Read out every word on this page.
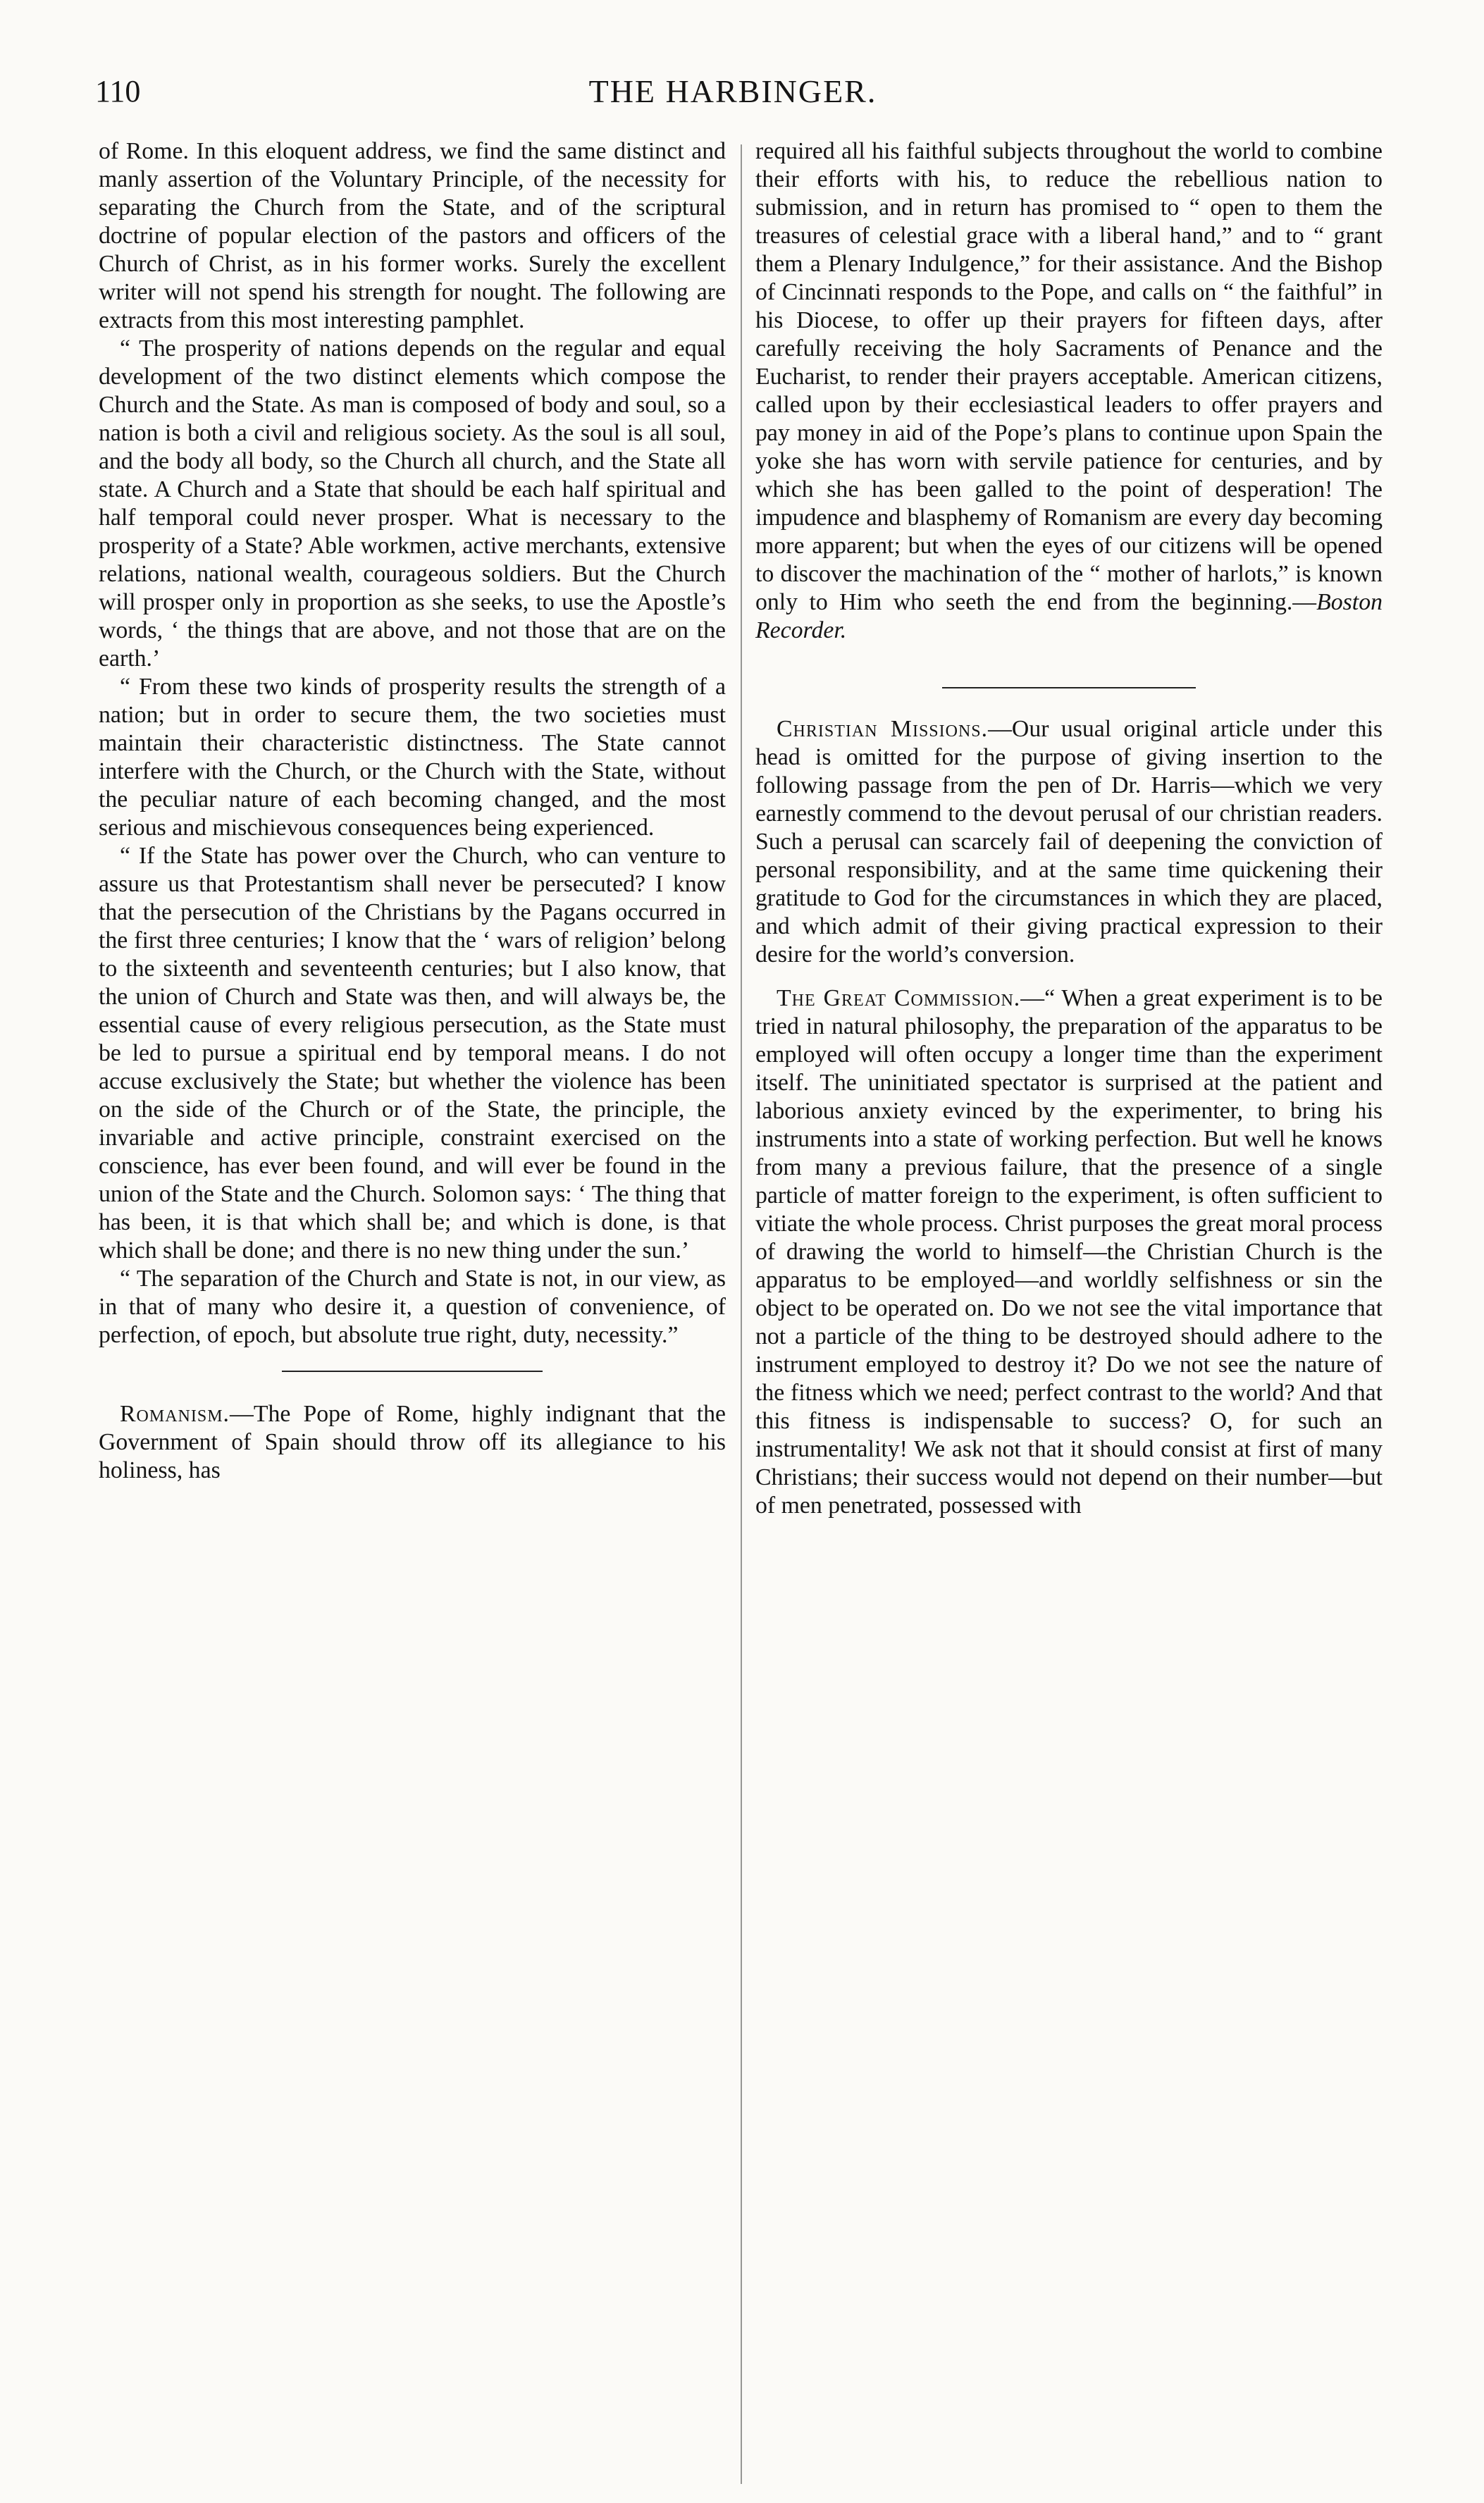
110	THE HARBINGER.

of Rome. In this eloquent address, we find the same distinct and manly assertion of the Voluntary Principle, of the necessity for separating the Church from the State, and of the scriptural doctrine of popular election of the pastors and officers of the Church of Christ, as in his former works. Surely the excellent writer will not spend his strength for nought. The following are extracts from this most interesting pamphlet.

“ The prosperity of nations depends on the regular and equal development of the two distinct elements which compose the Church and the State. As man is composed of body and soul, so a nation is both a civil and religious society. As the soul is all soul, and the body all body, so the Church all church, and the State all state. A Church and a State that should be each half spiritual and half temporal could never prosper. What is necessary to the prosperity of a State? Able workmen, active merchants, extensive relations, national wealth, courageous soldiers. But the Church will prosper only in proportion as she seeks, to use the Apostle’s words, ‘ the things that are above, and not those that are on the earth.’

“ From these two kinds of prosperity results the strength of a nation; but in order to secure them, the two societies must maintain their characteristic distinctness. The State cannot interfere with the Church, or the Church with the State, without the peculiar nature of each becoming changed, and the most serious and mischievous consequences being experienced.

“ If the State has power over the Church, who can venture to assure us that Protestantism shall never be persecuted? I know that the persecution of the Christians by the Pagans occurred in the first three centuries; I know that the ‘ wars of religion’ belong to the sixteenth and seventeenth centuries; but I also know, that the union of Church and State was then, and will always be, the essential cause of every religious persecution, as the State must be led to pursue a spiritual end by temporal means. I do not accuse exclusively the State; but whether the violence has been on the side of the Church or of the State, the principle, the invariable and active principle, constraint exercised on the conscience, has ever been found, and will ever be found in the union of the State and the Church. Solomon says: ‘ The thing that has been, it is that which shall be; and which is done, is that which shall be done; and there is no new thing under the sun.’

“ The separation of the Church and State is not, in our view, as in that of many who desire it, a question of convenience, of perfection, of epoch, but absolute true right, duty, necessity.”

Romanism.—The Pope of Rome, highly indignant that the Government of Spain should throw off its allegiance to his holiness, has

required all his faithful subjects throughout the world to combine their efforts with his, to reduce the rebellious nation to submission, and in return has promised to “ open to them the treasures of celestial grace with a liberal hand,” and to “ grant them a Plenary Indulgence,” for their assistance. And the Bishop of Cincinnati responds to the Pope, and calls on “ the faithful” in his Diocese, to offer up their prayers for fifteen days, after carefully receiving the holy Sacraments of Penance and the Eucharist, to render their prayers acceptable. American citizens, called upon by their ecclesiastical leaders to offer prayers and pay money in aid of the Pope’s plans to continue upon Spain the yoke she has worn with servile patience for centuries, and by which she has been galled to the point of desperation! The impudence and blasphemy of Romanism are every day becoming more apparent; but when the eyes of our citizens will be opened to discover the machination of the “ mother of harlots,” is known only to Him who seeth the end from the beginning.—Boston Recorder.

Christian Missions.—Our usual original article under this head is omitted for the purpose of giving insertion to the following passage from the pen of Dr. Harris—which we very earnestly commend to the devout perusal of our christian readers. Such a perusal can scarcely fail of deepening the conviction of personal responsibility, and at the same time quickening their gratitude to God for the circumstances in which they are placed, and which admit of their giving practical expression to their desire for the world’s conversion.

The Great Commission.—“ When a great experiment is to be tried in natural philosophy, the preparation of the apparatus to be employed will often occupy a longer time than the experiment itself. The uninitiated spectator is surprised at the patient and laborious anxiety evinced by the experimenter, to bring his instruments into a state of working perfection. But well he knows from many a previous failure, that the presence of a single particle of matter foreign to the experiment, is often sufficient to vitiate the whole process. Christ purposes the great moral process of drawing the world to himself—the Christian Church is the apparatus to be employed—and worldly selfishness or sin the object to be operated on. Do we not see the vital importance that not a particle of the thing to be destroyed should adhere to the instrument employed to destroy it? Do we not see the nature of the fitness which we need; perfect contrast to the world? And that this fitness is indispensable to success? O, for such an instrumentality! We ask not that it should consist at first of many Christians; their success would not depend on their number—but of men penetrated, possessed with
